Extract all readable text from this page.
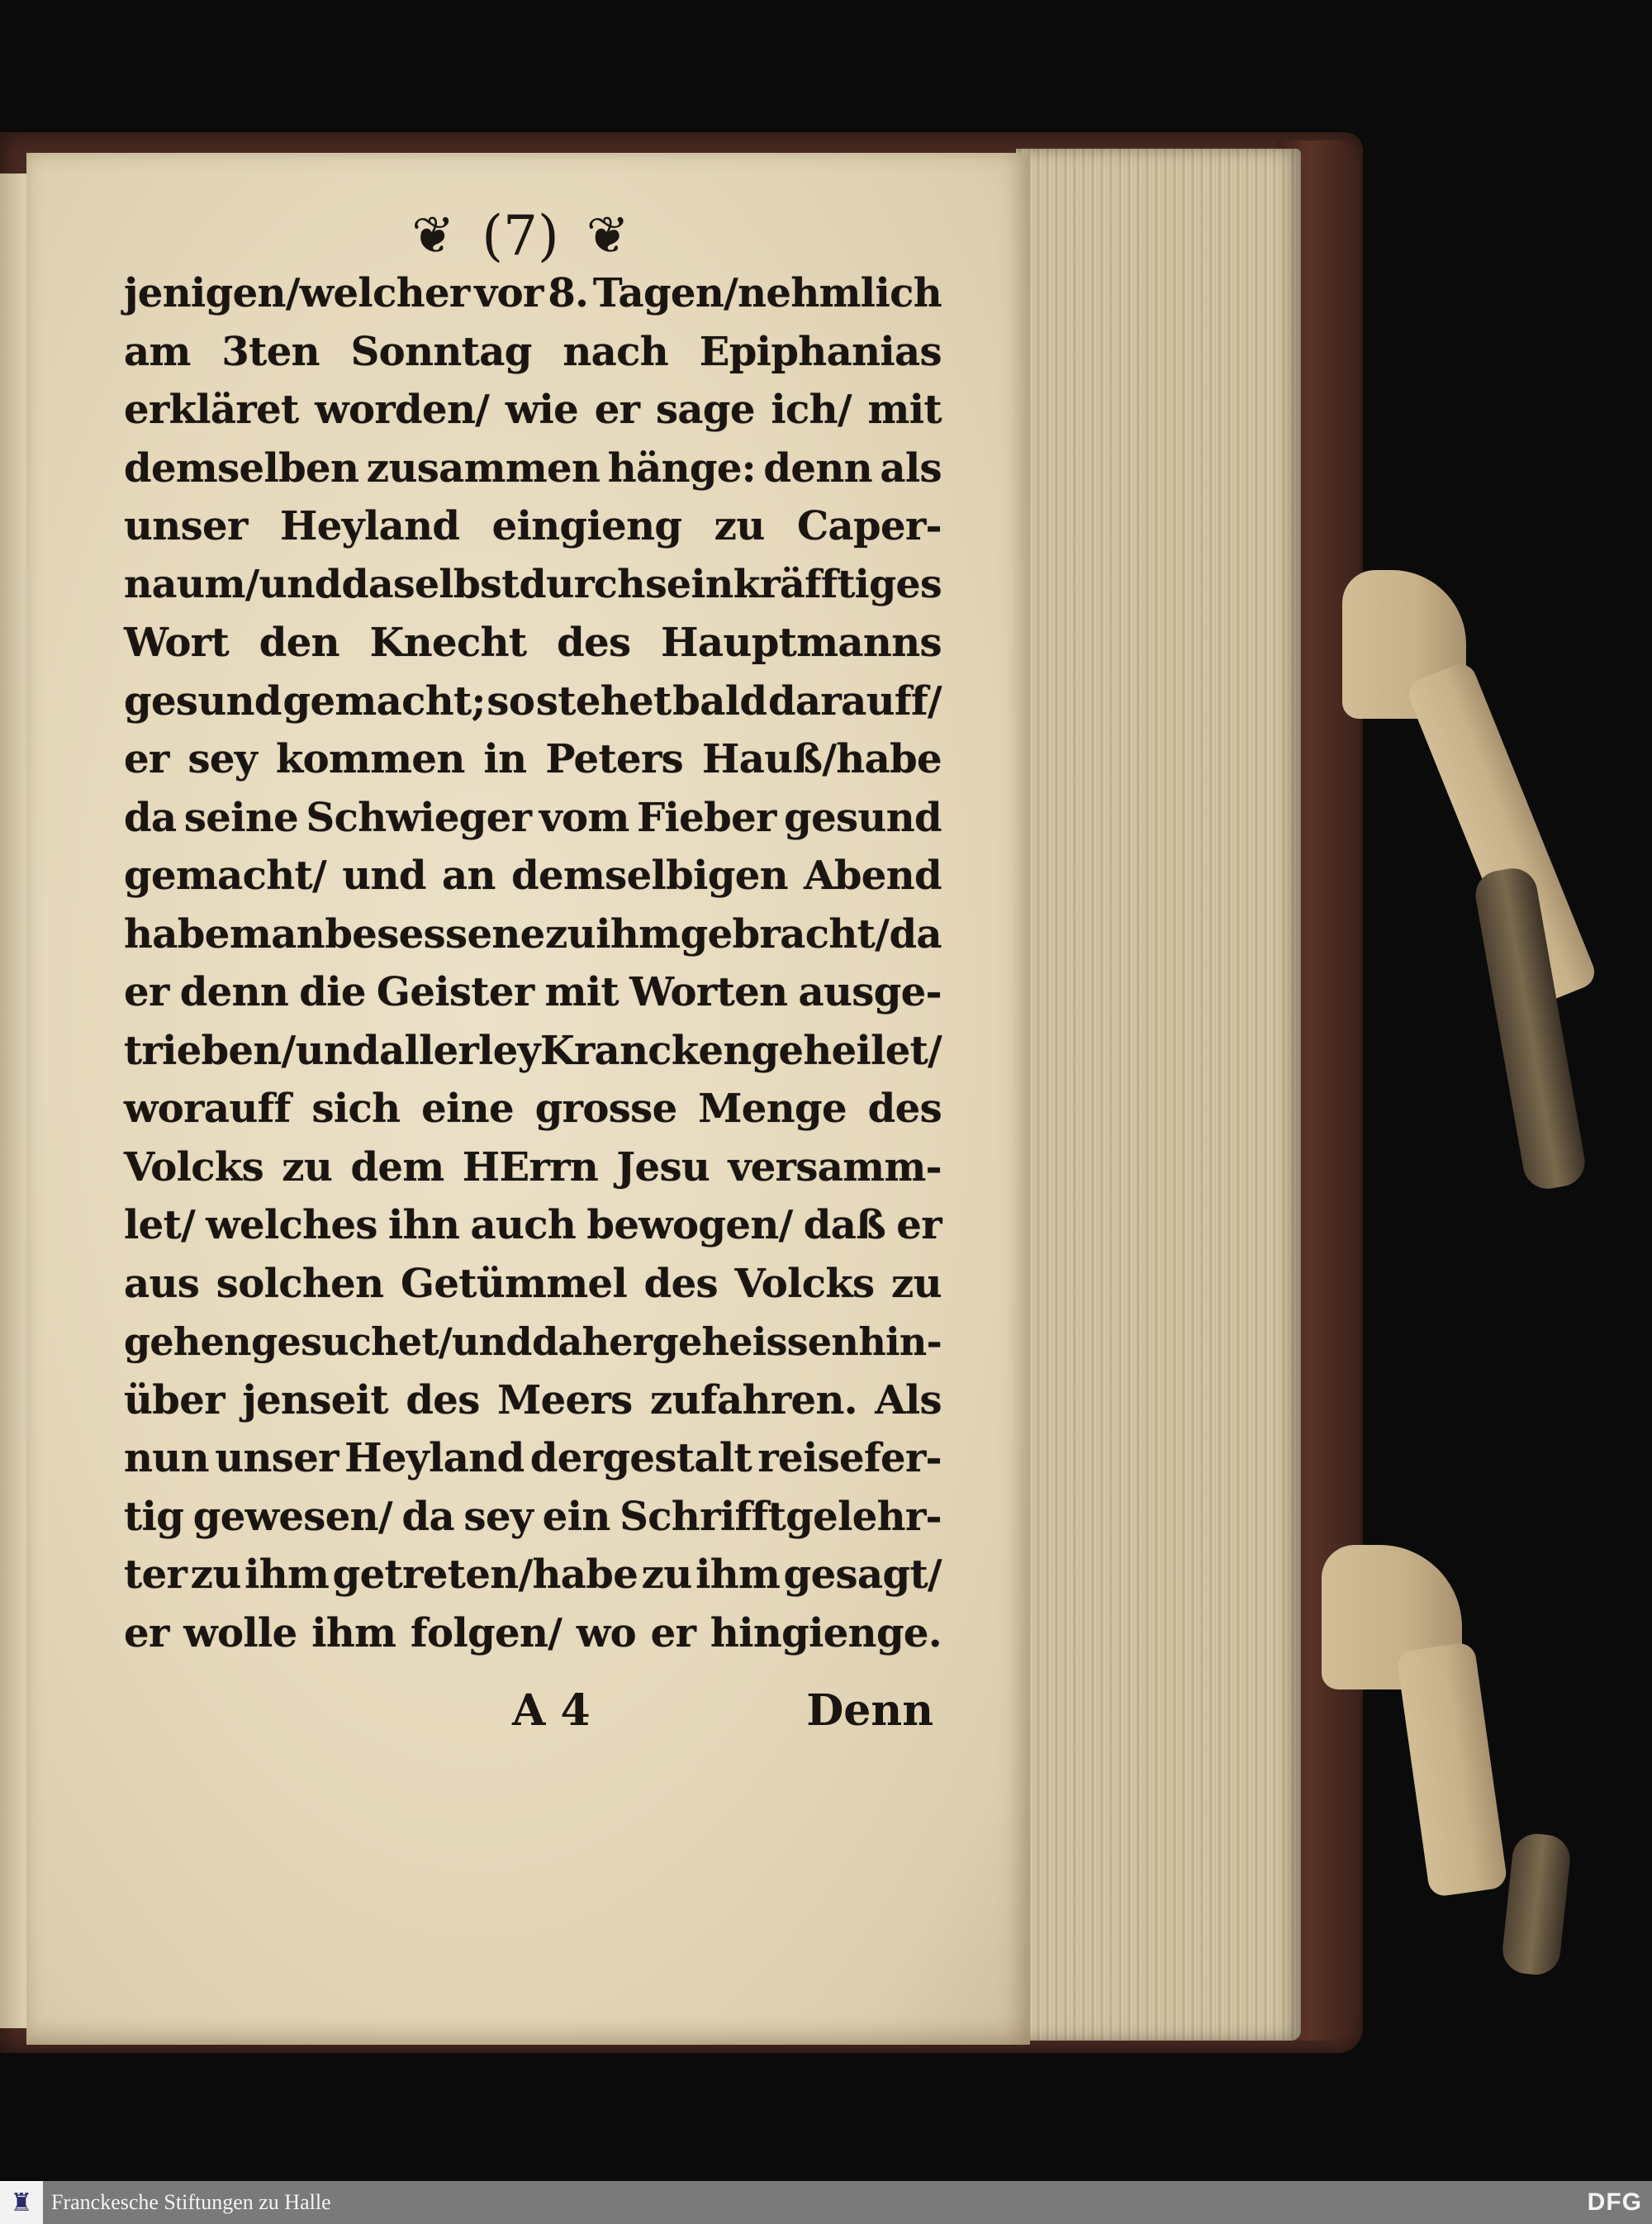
❦ (7) ❦
jenigen/welcher vor 8. Tagen/nehmlich
am 3ten Sonntag nach Epiphanias
erkläret worden/ wie er sage ich/ mit
demselben zusammen hänge: denn als
unser Heyland eingieng zu Caper-
naum/und daselbst durch sein kräfftiges
Wort den Knecht des Hauptmanns
gesund gemacht; so stehet bald darauff/
er sey kommen in Peters Hauß/habe
da seine Schwieger vom Fieber gesund
gemacht/ und an demselbigen Abend
habe man besessene zu ihm gebracht/ da
er denn die Geister mit Worten ausge-
trieben/ und allerley Krancken geheilet/
worauff sich eine grosse Menge des
Volcks zu dem HErrn Jesu versamm-
let/ welches ihn auch bewogen/ daß er
aus solchen Getümmel des Volcks zu
gehen gesuchet/und daher geheissen hin-
über jenseit des Meers zufahren. Als
nun unser Heyland dergestalt reisefer-
tig gewesen/ da sey ein Schrifftgelehr-
ter zu ihm getreten/habe zu ihm gesagt/
er wolle ihm folgen/ wo er hingienge.
A 4	Denn
♜ Franckesche Stiftungen zu Halle	DFG
